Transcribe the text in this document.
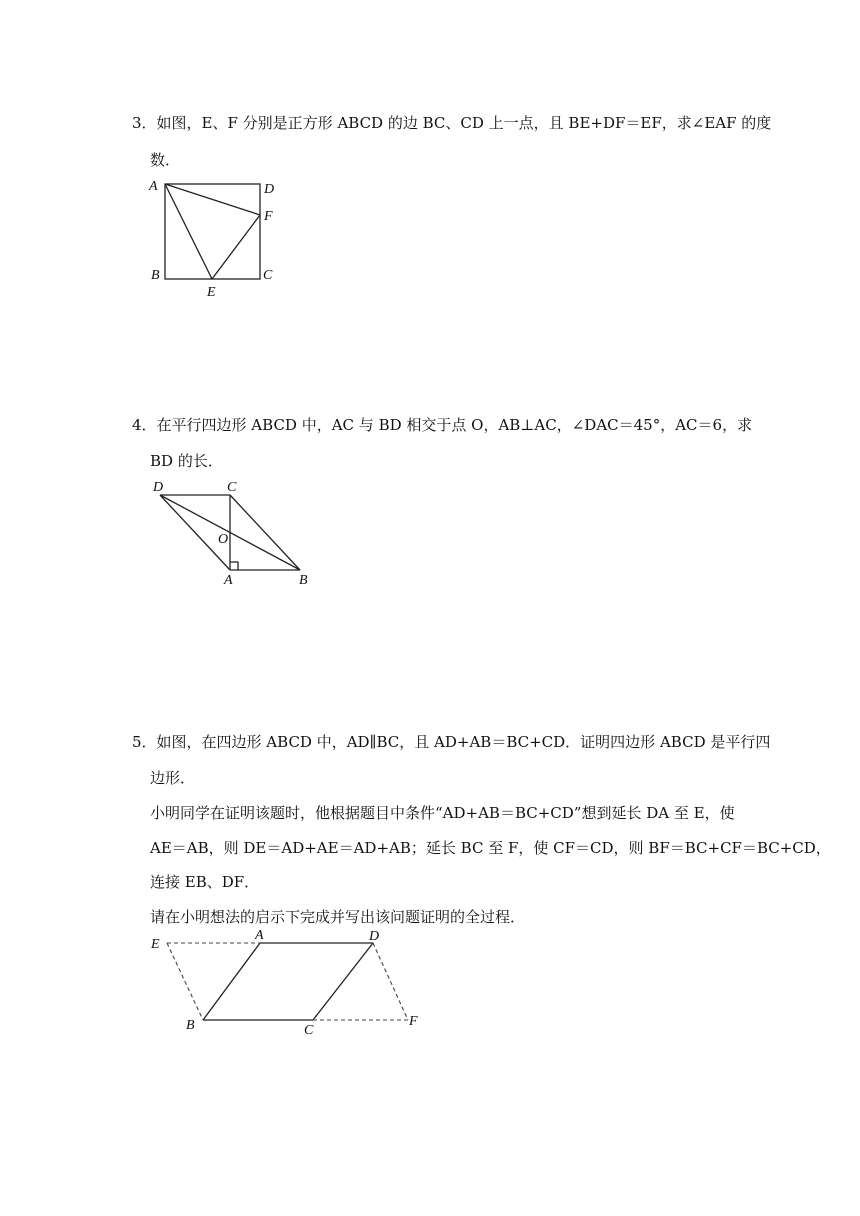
3．如图，E、F 分别是正方形 ABCD 的边 BC、CD 上一点，且 BE+DF＝EF，求∠EAF 的度
数．
A	D
F
B	C
E
4．在平行四边形 ABCD 中，AC 与 BD 相交于点 O，AB⊥AC，∠DAC＝45°，AC＝6，求
BD 的长．
D	C
O
A	B
5．如图，在四边形 ABCD 中，AD∥BC，且 AD+AB＝BC+CD．证明四边形 ABCD 是平行四
边形．
小明同学在证明该题时，他根据题目中条件“AD+AB＝BC+CD”想到延长 DA 至 E，使
AE＝AB，则 DE＝AD+AE＝AD+AB；延长 BC 至 F，使 CF＝CD，则 BF＝BC+CF＝BC+CD，
连接 EB、DF．
请在小明想法的启示下完成并写出该问题证明的全过程．
E
A	D
B	C
F
